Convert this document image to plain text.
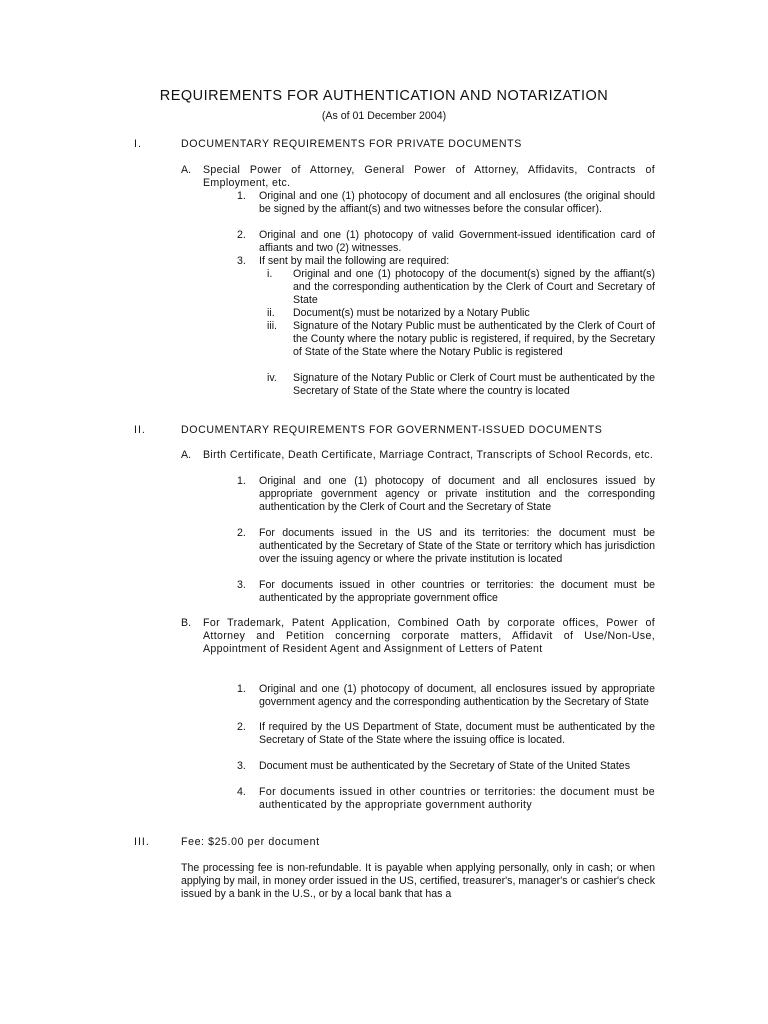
REQUIREMENTS FOR AUTHENTICATION AND NOTARIZATION
(As of 01 December 2004)
I.	DOCUMENTARY REQUIREMENTS FOR PRIVATE DOCUMENTS
A. Special Power of Attorney, General Power of Attorney, Affidavits, Contracts of Employment, etc.
1.	Original and one (1) photocopy of document and all enclosures (the original should be signed by the affiant(s) and two witnesses before the consular officer).
2.	Original and one (1) photocopy of valid Government-issued identification card of affiants and two (2) witnesses.
3.	If sent by mail the following are required:
i.	Original and one (1) photocopy of the document(s) signed by the affiant(s) and the corresponding authentication by the Clerk of Court and Secretary of State
ii.	Document(s) must be notarized by a Notary Public
iii.	Signature of the Notary Public must be authenticated by the Clerk of Court of the County where the notary public is registered, if required, by the Secretary of State of the State where the Notary Public is registered
iv.	Signature of the Notary Public or Clerk of Court must be authenticated by the Secretary of State of the State where the country is located
II.	DOCUMENTARY REQUIREMENTS FOR GOVERNMENT-ISSUED DOCUMENTS
A. Birth Certificate, Death Certificate, Marriage Contract, Transcripts of School Records, etc.
1.	Original and one (1) photocopy of document and all enclosures issued by appropriate government agency or private institution and the corresponding authentication by the Clerk of Court and the Secretary of State
2.	For documents issued in the US and its territories: the document must be authenticated by the Secretary of State of the State or territory which has jurisdiction over the issuing agency or where the private institution is located
3.	For documents issued in other countries or territories: the document must be authenticated by the appropriate government office
B. For Trademark, Patent Application, Combined Oath by corporate offices, Power of Attorney and Petition concerning corporate matters, Affidavit of Use/Non-Use, Appointment of Resident Agent and Assignment of Letters of Patent
1.	Original and one (1) photocopy of document, all enclosures issued by appropriate government agency and the corresponding authentication by the Secretary of State
2.	If required by the US Department of State, document must be authenticated by the Secretary of State of the State where the issuing office is located.
3.	Document must be authenticated by the Secretary of State of the United States
4.	For documents issued in other countries or territories: the document must be authenticated by the appropriate government authority
III.	Fee: $25.00 per document
The processing fee is non-refundable. It is payable when applying personally, only in cash; or when applying by mail, in money order issued in the US, certified, treasurer's, manager's or cashier's check issued by a bank in the U.S., or by a local bank that has a
